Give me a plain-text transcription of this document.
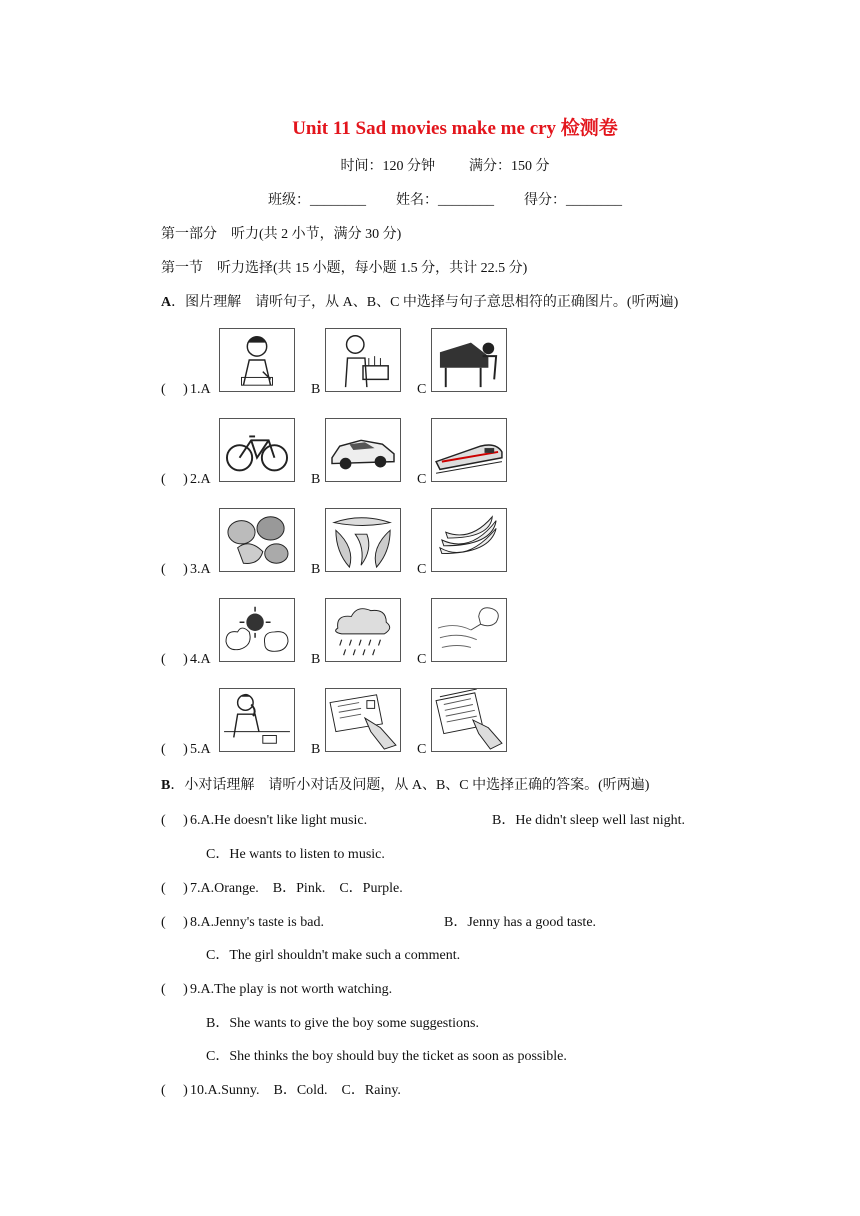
Unit 11 Sad movies make me cry 检测卷
时间：120 分钟 满分：150 分
班级：________ 姓名：________ 得分：________
第一部分　听力(共 2 小节，满分 30 分)
第一节　听力选择(共 15 小题，每小题 1.5 分，共计 22.5 分)
A．图片理解　请听句子，从 A、B、C 中选择与句子意思相符的正确图片。(听两遍)
(　 ) 1.A	B	C
(　 ) 2.A	B	C
(　 ) 3.A	B	C
(　 ) 4.A	B	C
(　 ) 5.A	B	C
B．小对话理解　请听小对话及问题，从 A、B、C 中选择正确的答案。(听两遍)
(　 ) 6.A.He doesn't like light music.	B．He didn't sleep well last night.
C．He wants to listen to music.
(　 ) 7.A.Orange.　B．Pink.　C．Purple.
(　 ) 8.A.Jenny's taste is bad.	B．Jenny has a good taste.
C．The girl shouldn't make such a comment.
(　 ) 9.A.The play is not worth watching.
B．She wants to give the boy some suggestions.
C．She thinks the boy should buy the ticket as soon as possible.
(　 ) 10.A.Sunny.　B．Cold.　C．Rainy.
